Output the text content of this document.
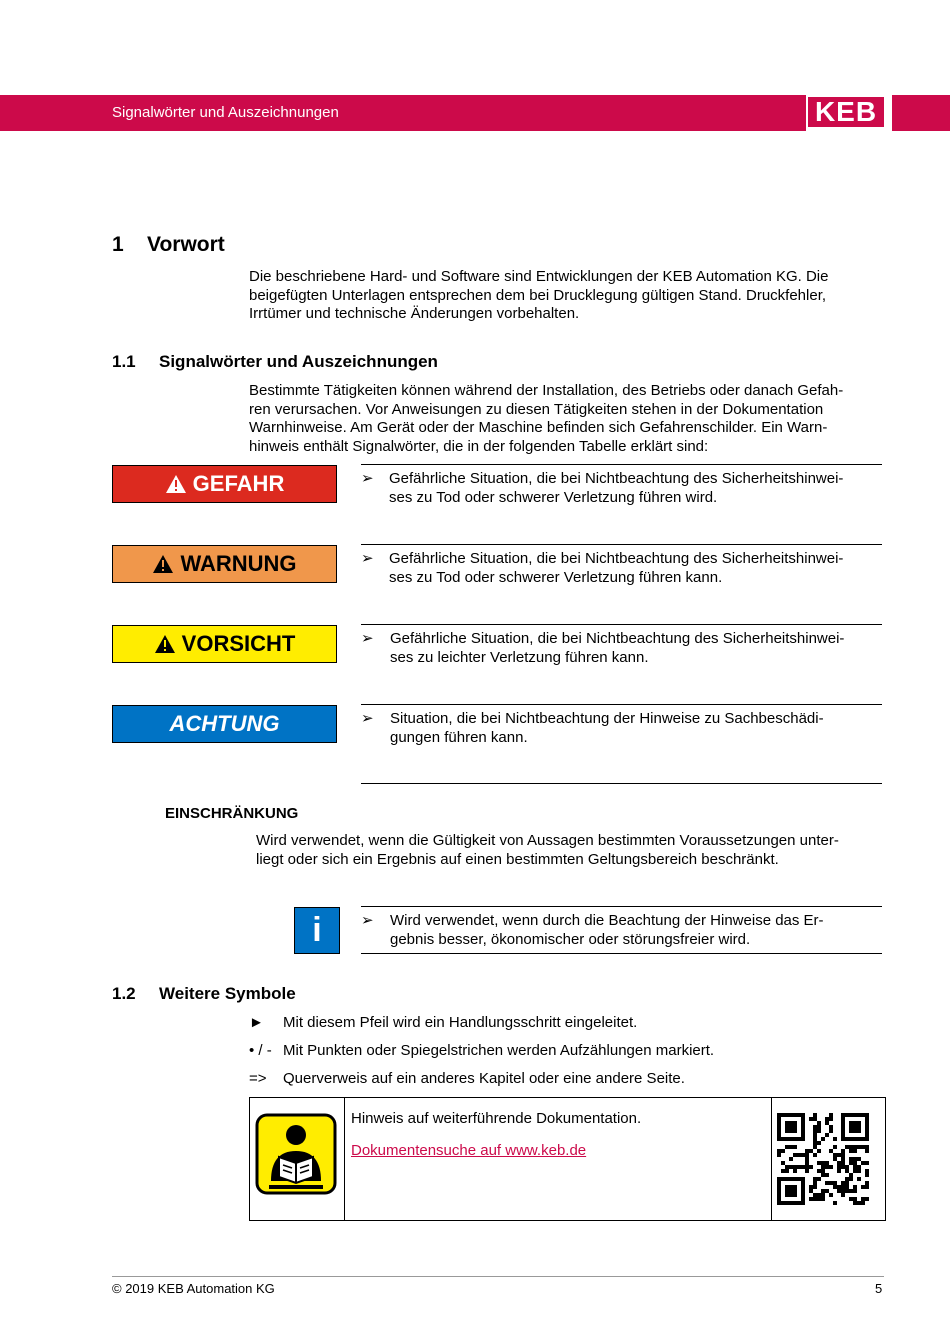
Signalwörter und Auszeichnungen	KEB
1 Vorwort
Die beschriebene Hard- und Software sind Entwicklungen der KEB Automation KG. Die
beigefügten Unterlagen entsprechen dem bei Drucklegung gültigen Stand. Druckfehler,
Irrtümer und technische Änderungen vorbehalten.
1.1 Signalwörter und Auszeichnungen
Bestimmte Tätigkeiten können während der Installation, des Betriebs oder danach Gefah-
ren verursachen. Vor Anweisungen zu diesen Tätigkeiten stehen in der Dokumentation
Warnhinweise. Am Gerät oder der Maschine befinden sich Gefahrenschilder. Ein Warn-
hinweis enthält Signalwörter, die in der folgenden Tabelle erklärt sind:
GEFAHR	➢ Gefährliche Situation, die bei Nichtbeachtung des Sicherheitshinwei-
ses zu Tod oder schwerer Verletzung führen wird.
WARNUNG	➢ Gefährliche Situation, die bei Nichtbeachtung des Sicherheitshinwei-
ses zu Tod oder schwerer Verletzung führen kann.
VORSICHT	➢ Gefährliche Situation, die bei Nichtbeachtung des Sicherheitshinwei-
ses zu leichter Verletzung führen kann.
ACHTUNG	➢ Situation, die bei Nichtbeachtung der Hinweise zu Sachbeschädi-
gungen führen kann.
EINSCHRÄNKUNG
Wird verwendet, wenn die Gültigkeit von Aussagen bestimmten Voraussetzungen unter-
liegt oder sich ein Ergebnis auf einen bestimmten Geltungsbereich beschränkt.
i	➢ Wird verwendet, wenn durch die Beachtung der Hinweise das Er-
gebnis besser, ökonomischer oder störungsfreier wird.
1.2 Weitere Symbole
► Mit diesem Pfeil wird ein Handlungsschritt eingeleitet.
• / - Mit Punkten oder Spiegelstrichen werden Aufzählungen markiert.
=> Querverweis auf ein anderes Kapitel oder eine andere Seite.
Hinweis auf weiterführende Dokumentation.
Dokumentensuche auf www.keb.de
© 2019 KEB Automation KG	5
